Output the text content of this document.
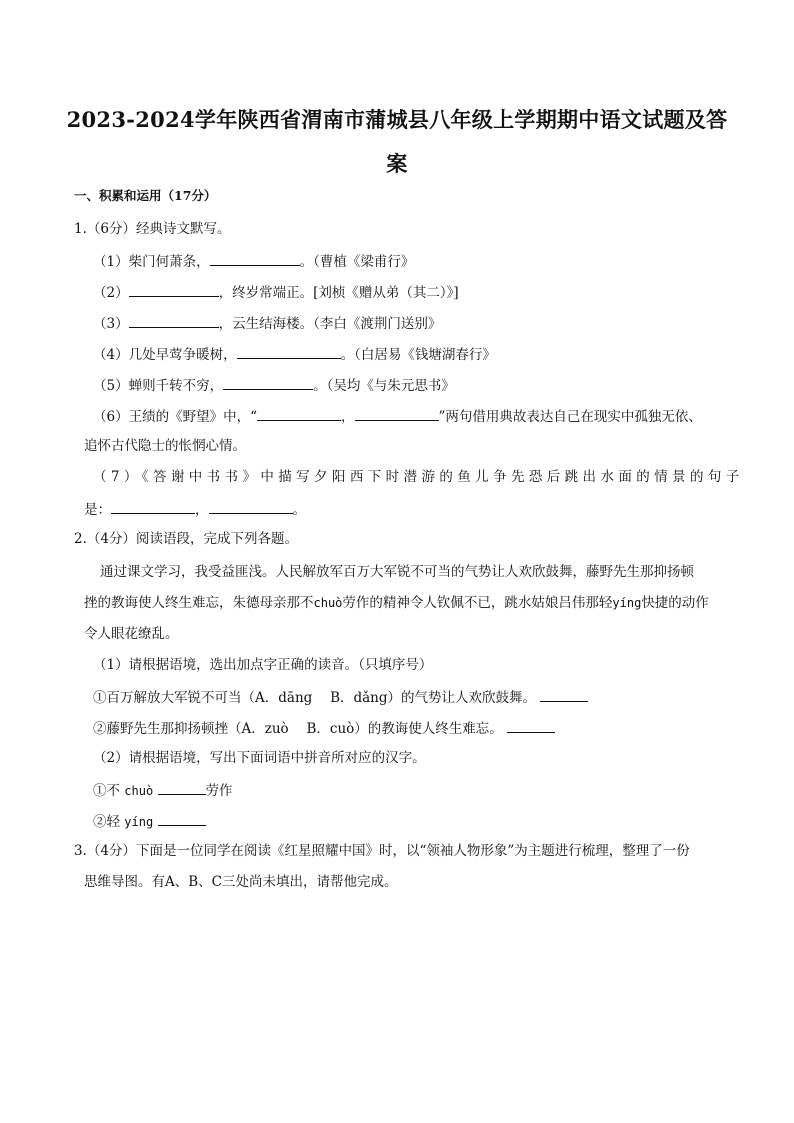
2023-2024学年陕西省渭南市蒲城县八年级上学期期中语文试题及答
案
一、积累和运用（17分）
1.（6分）经典诗文默写。
（1）柴门何萧条，	。（曹植《梁甫行》
（2）	，终岁常端正。[刘桢《赠从弟（其二）》]
（3）	，云生结海楼。（李白《渡荆门送别》
（4）几处早莺争暖树，	。（白居易《钱塘湖春行》
（5）蝉则千转不穷，	。（吴均《与朱元思书》
（6）王绩的《野望》中，“	，	”两句借用典故表达自己在现实中孤独无依、
追怀古代隐士的怅惘心情。
（7）《答谢中书书》中描写夕阳西下时潜游的鱼儿争先恐后跳出水面的情景的句子
是：	，	。
2.（4分）阅读语段，完成下列各题。
通过课文学习，我受益匪浅。人民解放军百万大军锐不可当的气势让人欢欣鼓舞，藤野先生那抑扬顿
挫的教诲使人终生难忘，朱德母亲那不chuò劳作的精神令人钦佩不已，跳水姑娘吕伟那轻yíng快捷的动作
令人眼花缭乱。
（1）请根据语境，选出加点字正确的读音。（只填序号）
①百万解放大军锐不可当（A．dāng　 B．dǎng）的气势让人欢欣鼓舞。
②藤野先生那抑扬顿挫（A．zuò　 B．cuò）的教诲使人终生难忘。
（2）请根据语境，写出下面词语中拼音所对应的汉字。
①不 chuò	劳作
②轻 yíng
3.（4分）下面是一位同学在阅读《红星照耀中国》时，以“领袖人物形象”为主题进行梳理，整理了一份
思维导图。有A、B、C三处尚未填出，请帮他完成。
